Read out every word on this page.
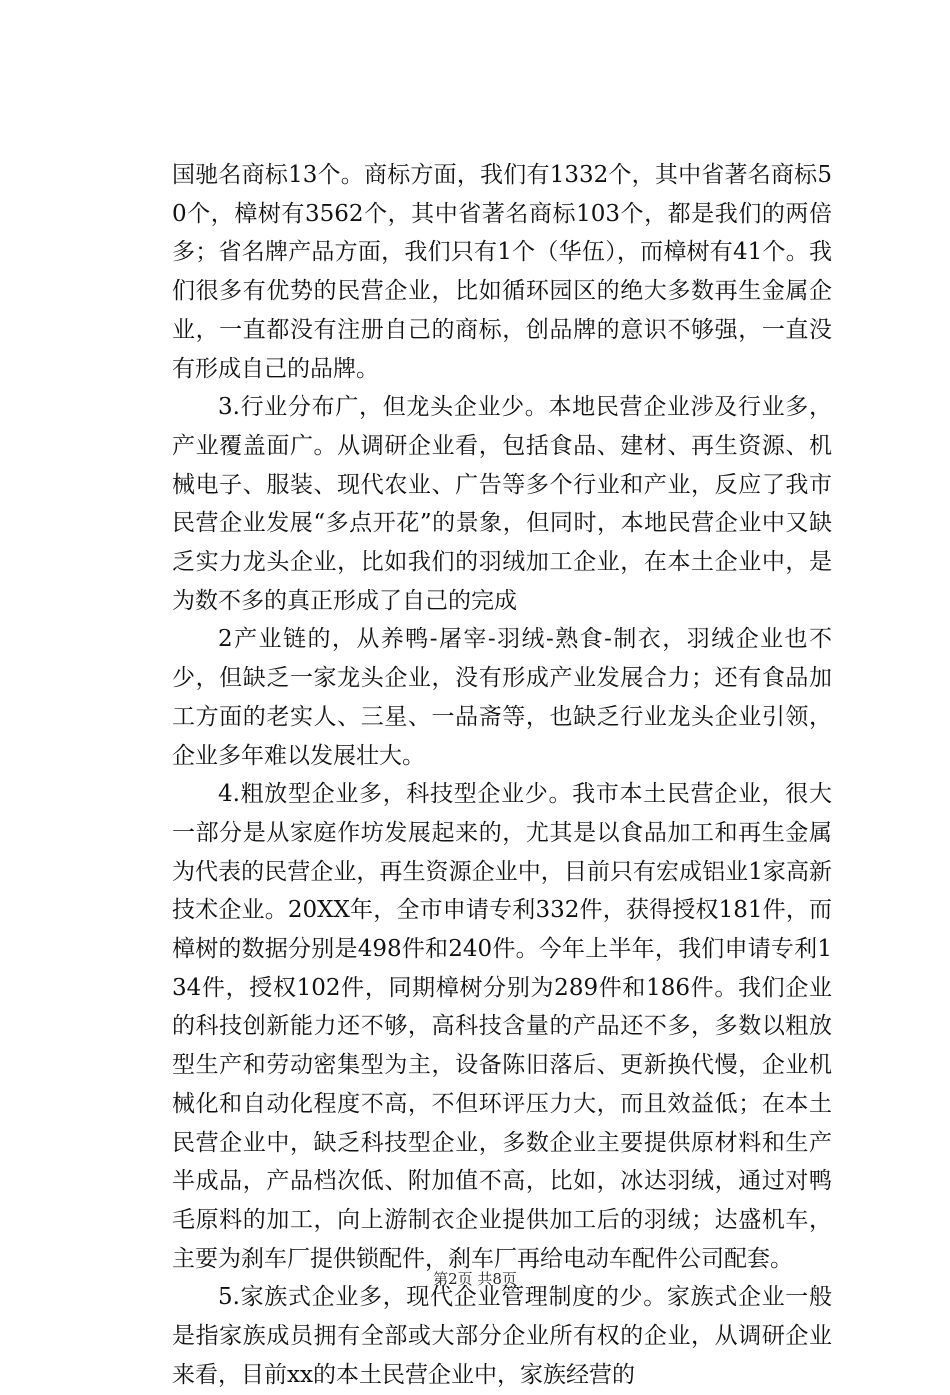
国驰名商标13个。商标方面，我们有1332个，其中省著名商标50个，樟树有3562个，其中省著名商标103个，都是我们的两倍多；省名牌产品方面，我们只有1个（华伍），而樟树有41个。我们很多有优势的民营企业，比如循环园区的绝大多数再生金属企业，一直都没有注册自己的商标，创品牌的意识不够强，一直没有形成自己的品牌。

3.行业分布广，但龙头企业少。本地民营企业涉及行业多，产业覆盖面广。从调研企业看，包括食品、建材、再生资源、机械电子、服装、现代农业、广告等多个行业和产业，反应了我市民营企业发展“多点开花”的景象，但同时，本地民营企业中又缺乏实力龙头企业，比如我们的羽绒加工企业，在本土企业中，是为数不多的真正形成了自己的完成

2产业链的，从养鸭-屠宰-羽绒-熟食-制衣，羽绒企业也不少，但缺乏一家龙头企业，没有形成产业发展合力；还有食品加工方面的老实人、三星、一品斋等，也缺乏行业龙头企业引领，企业多年难以发展壮大。

4.粗放型企业多，科技型企业少。我市本土民营企业，很大一部分是从家庭作坊发展起来的，尤其是以食品加工和再生金属为代表的民营企业，再生资源企业中，目前只有宏成铝业1家高新技术企业。20XX年，全市申请专利332件，获得授权181件，而樟树的数据分别是498件和240件。今年上半年，我们申请专利134件，授权102件，同期樟树分别为289件和186件。我们企业的科技创新能力还不够，高科技含量的产品还不多，多数以粗放型生产和劳动密集型为主，设备陈旧落后、更新换代慢，企业机械化和自动化程度不高，不但环评压力大，而且效益低；在本土民营企业中，缺乏科技型企业，多数企业主要提供原材料和生产半成品，产品档次低、附加值不高，比如，冰达羽绒，通过对鸭毛原料的加工，向上游制衣企业提供加工后的羽绒；达盛机车，主要为刹车厂提供锁配件，刹车厂再给电动车配件公司配套。

5.家族式企业多，现代企业管理制度的少。家族式企业一般是指家族成员拥有全部或大部分企业所有权的企业，从调研企业来看，目前xx的本土民营企业中，家族经营的

第2页 共8页
